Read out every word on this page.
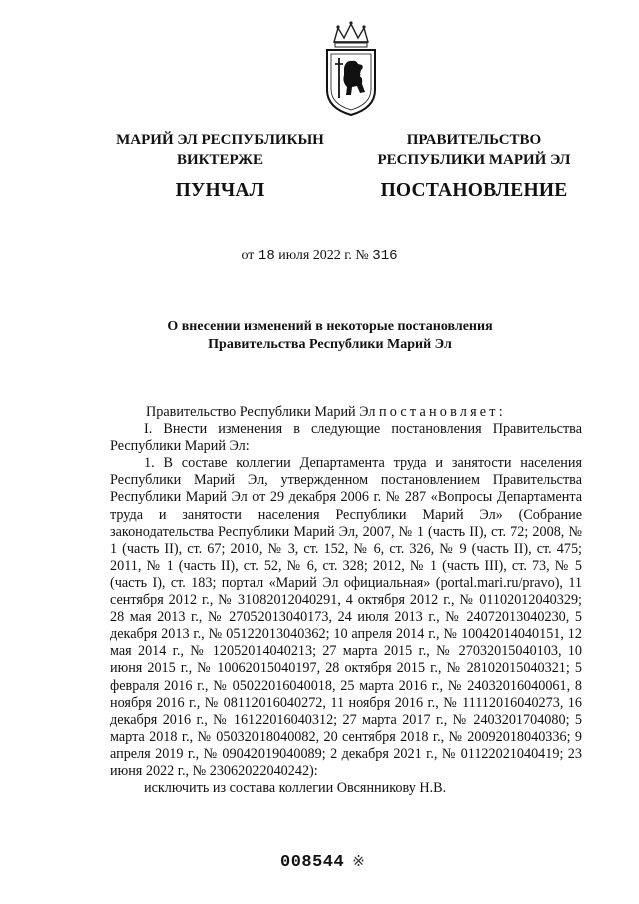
МАРИЙ ЭЛ РЕСПУБЛИКЫН
ВИКТЕРЖЕ
ПУНЧАЛ
ПРАВИТЕЛЬСТВО
РЕСПУБЛИКИ МАРИЙ ЭЛ
ПОСТАНОВЛЕНИЕ
от 18 июля 2022 г. № 316
О внесении изменений в некоторые постановления
Правительства Республики Марий Эл

Правительство Республики Марий Эл постановляет:

I. Внести изменения в следующие постановления Правительства Республики Марий Эл:

1. В составе коллегии Департамента труда и занятости населения Республики Марий Эл, утвержденном постановлением Правительства Республики Марий Эл от 29 декабря 2006 г. № 287 «Вопросы Департамента труда и занятости населения Республики Марий Эл» (Собрание законодательства Республики Марий Эл, 2007, № 1 (часть II), ст. 72; 2008, № 1 (часть II), ст. 67; 2010, № 3, ст. 152, № 6, ст. 326, № 9 (часть II), ст. 475; 2011, № 1 (часть II), ст. 52, № 6, ст. 328; 2012, № 1 (часть III), ст. 73, № 5 (часть I), ст. 183; портал «Марий Эл официальная» (portal.mari.ru/pravo), 11 сентября 2012 г., № 31082012040291, 4 октября 2012 г., № 01102012040329; 28 мая 2013 г., № 27052013040173, 24 июля 2013 г., № 24072013040230, 5 декабря 2013 г., № 05122013040362; 10 апреля 2014 г., № 10042014040151, 12 мая 2014 г., № 12052014040213; 27 марта 2015 г., № 27032015040103, 10 июня 2015 г., № 10062015040197, 28 октября 2015 г., № 28102015040321; 5 февраля 2016 г., № 05022016040018, 25 марта 2016 г., № 24032016040061, 8 ноября 2016 г., № 08112016040272, 11 ноября 2016 г., № 11112016040273, 16 декабря 2016 г., № 16122016040312; 27 марта 2017 г., № 2403201704080; 5 марта 2018 г., № 05032018040082, 20 сентября 2018 г., № 20092018040336; 9 апреля 2019 г., № 09042019040089; 2 декабря 2021 г., № 01122021040419; 23 июня 2022 г., № 23062022040242):

исключить из состава коллегии Овсянникову Н.В.

008544 ※
